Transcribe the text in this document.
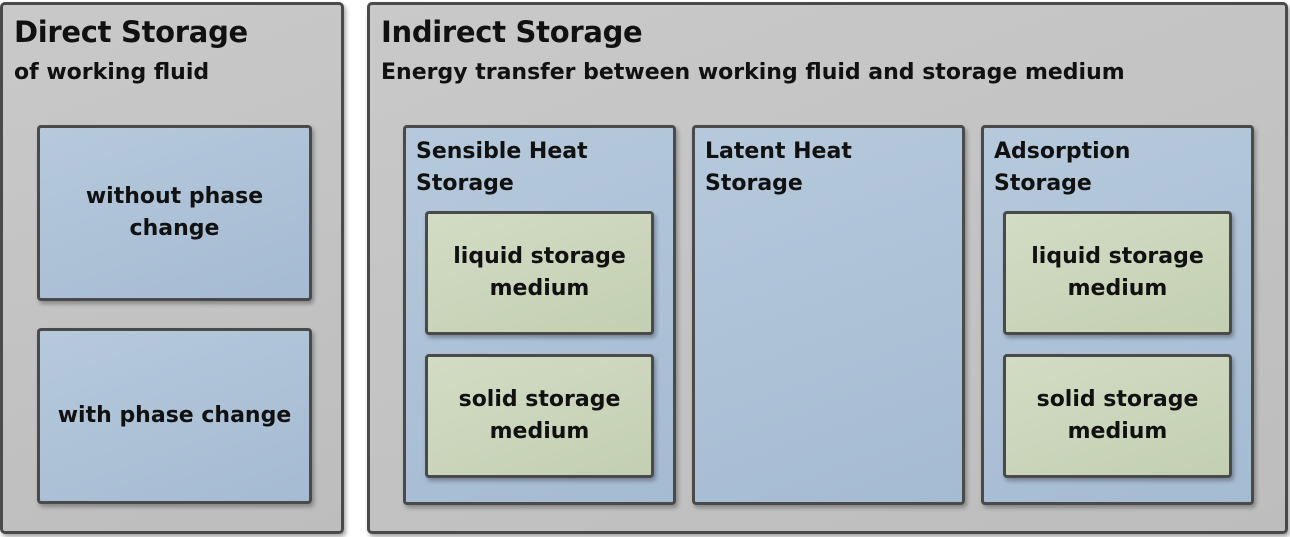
Direct Storage
of working fluid
without phase
change
with phase change
Indirect Storage
Energy transfer between working fluid and storage medium
Sensible Heat
Storage
liquid storage
medium
solid storage
medium
Latent Heat
Storage
Adsorption
Storage
liquid storage
medium
solid storage
medium
